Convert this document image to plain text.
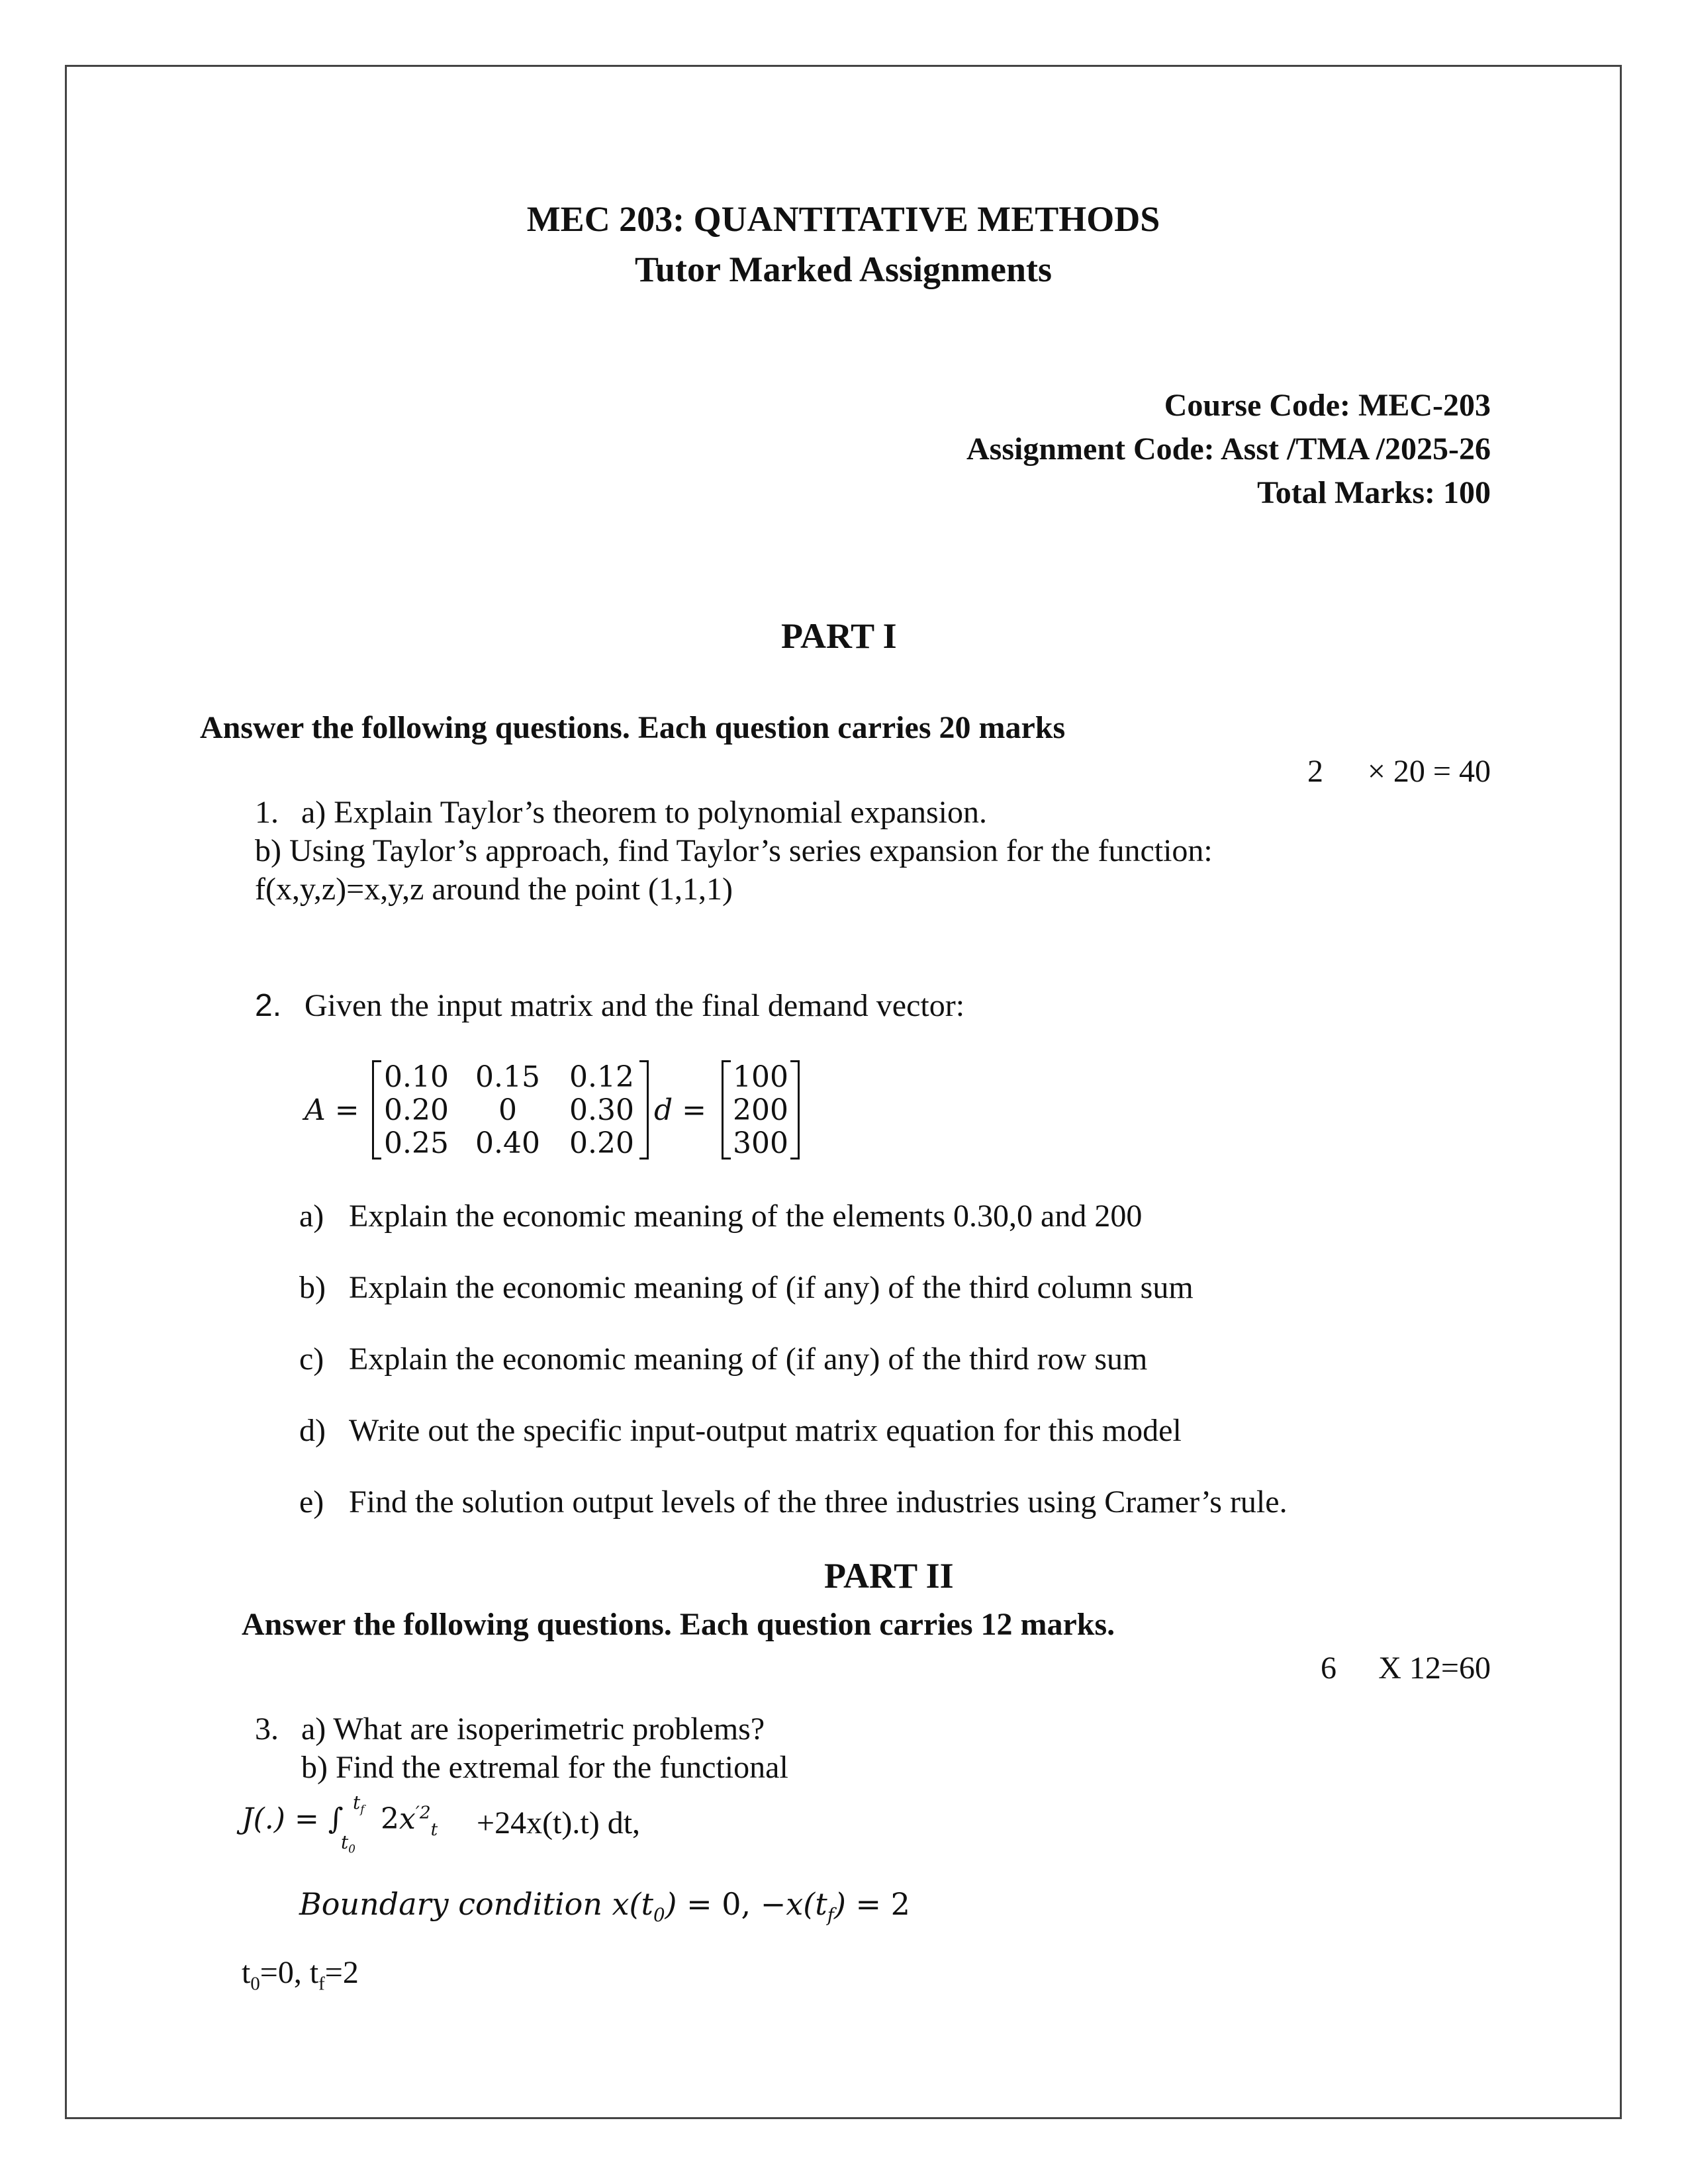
MEC 203: QUANTITATIVE METHODS
Tutor Marked Assignments
Course Code: MEC-203
Assignment Code: Asst /TMA /2025-26
Total Marks: 100
PART I
Answer the following questions. Each question carries 20 marks
2 × 20 = 40
1. a) Explain Taylor’s theorem to polynomial expansion.
b) Using Taylor’s approach, find Taylor’s series expansion for the function:
f(x,y,z)=x,y,z around the point (1,1,1)
2. Given the input matrix and the final demand vector:
A =
0.10 0.15 0.12
0.20	0	0.30
0.25 0.40 0.20
d =
100
200
300
a) Explain the economic meaning of the elements 0.30,0 and 200
b) Explain the economic meaning of (if any) of the third column sum
c) Explain the economic meaning of (if any) of the third row sum
d) Write out the specific input-output matrix equation for this model
e) Find the solution output levels of the three industries using Cramer’s rule.
PART II
Answer the following questions. Each question carries 12 marks.
6 X 12=60
3. a) What are isoperimetric problems?
b) Find the extremal for the functional
J(.) = ∫ $t_f$
$t_0$
$2x^{'2}_t +24x(t).t$) dt,
Boundary condition $x(t_0) = 0$, $-x(t_f) = 2$
$t_0=0$, $t_f=2$
